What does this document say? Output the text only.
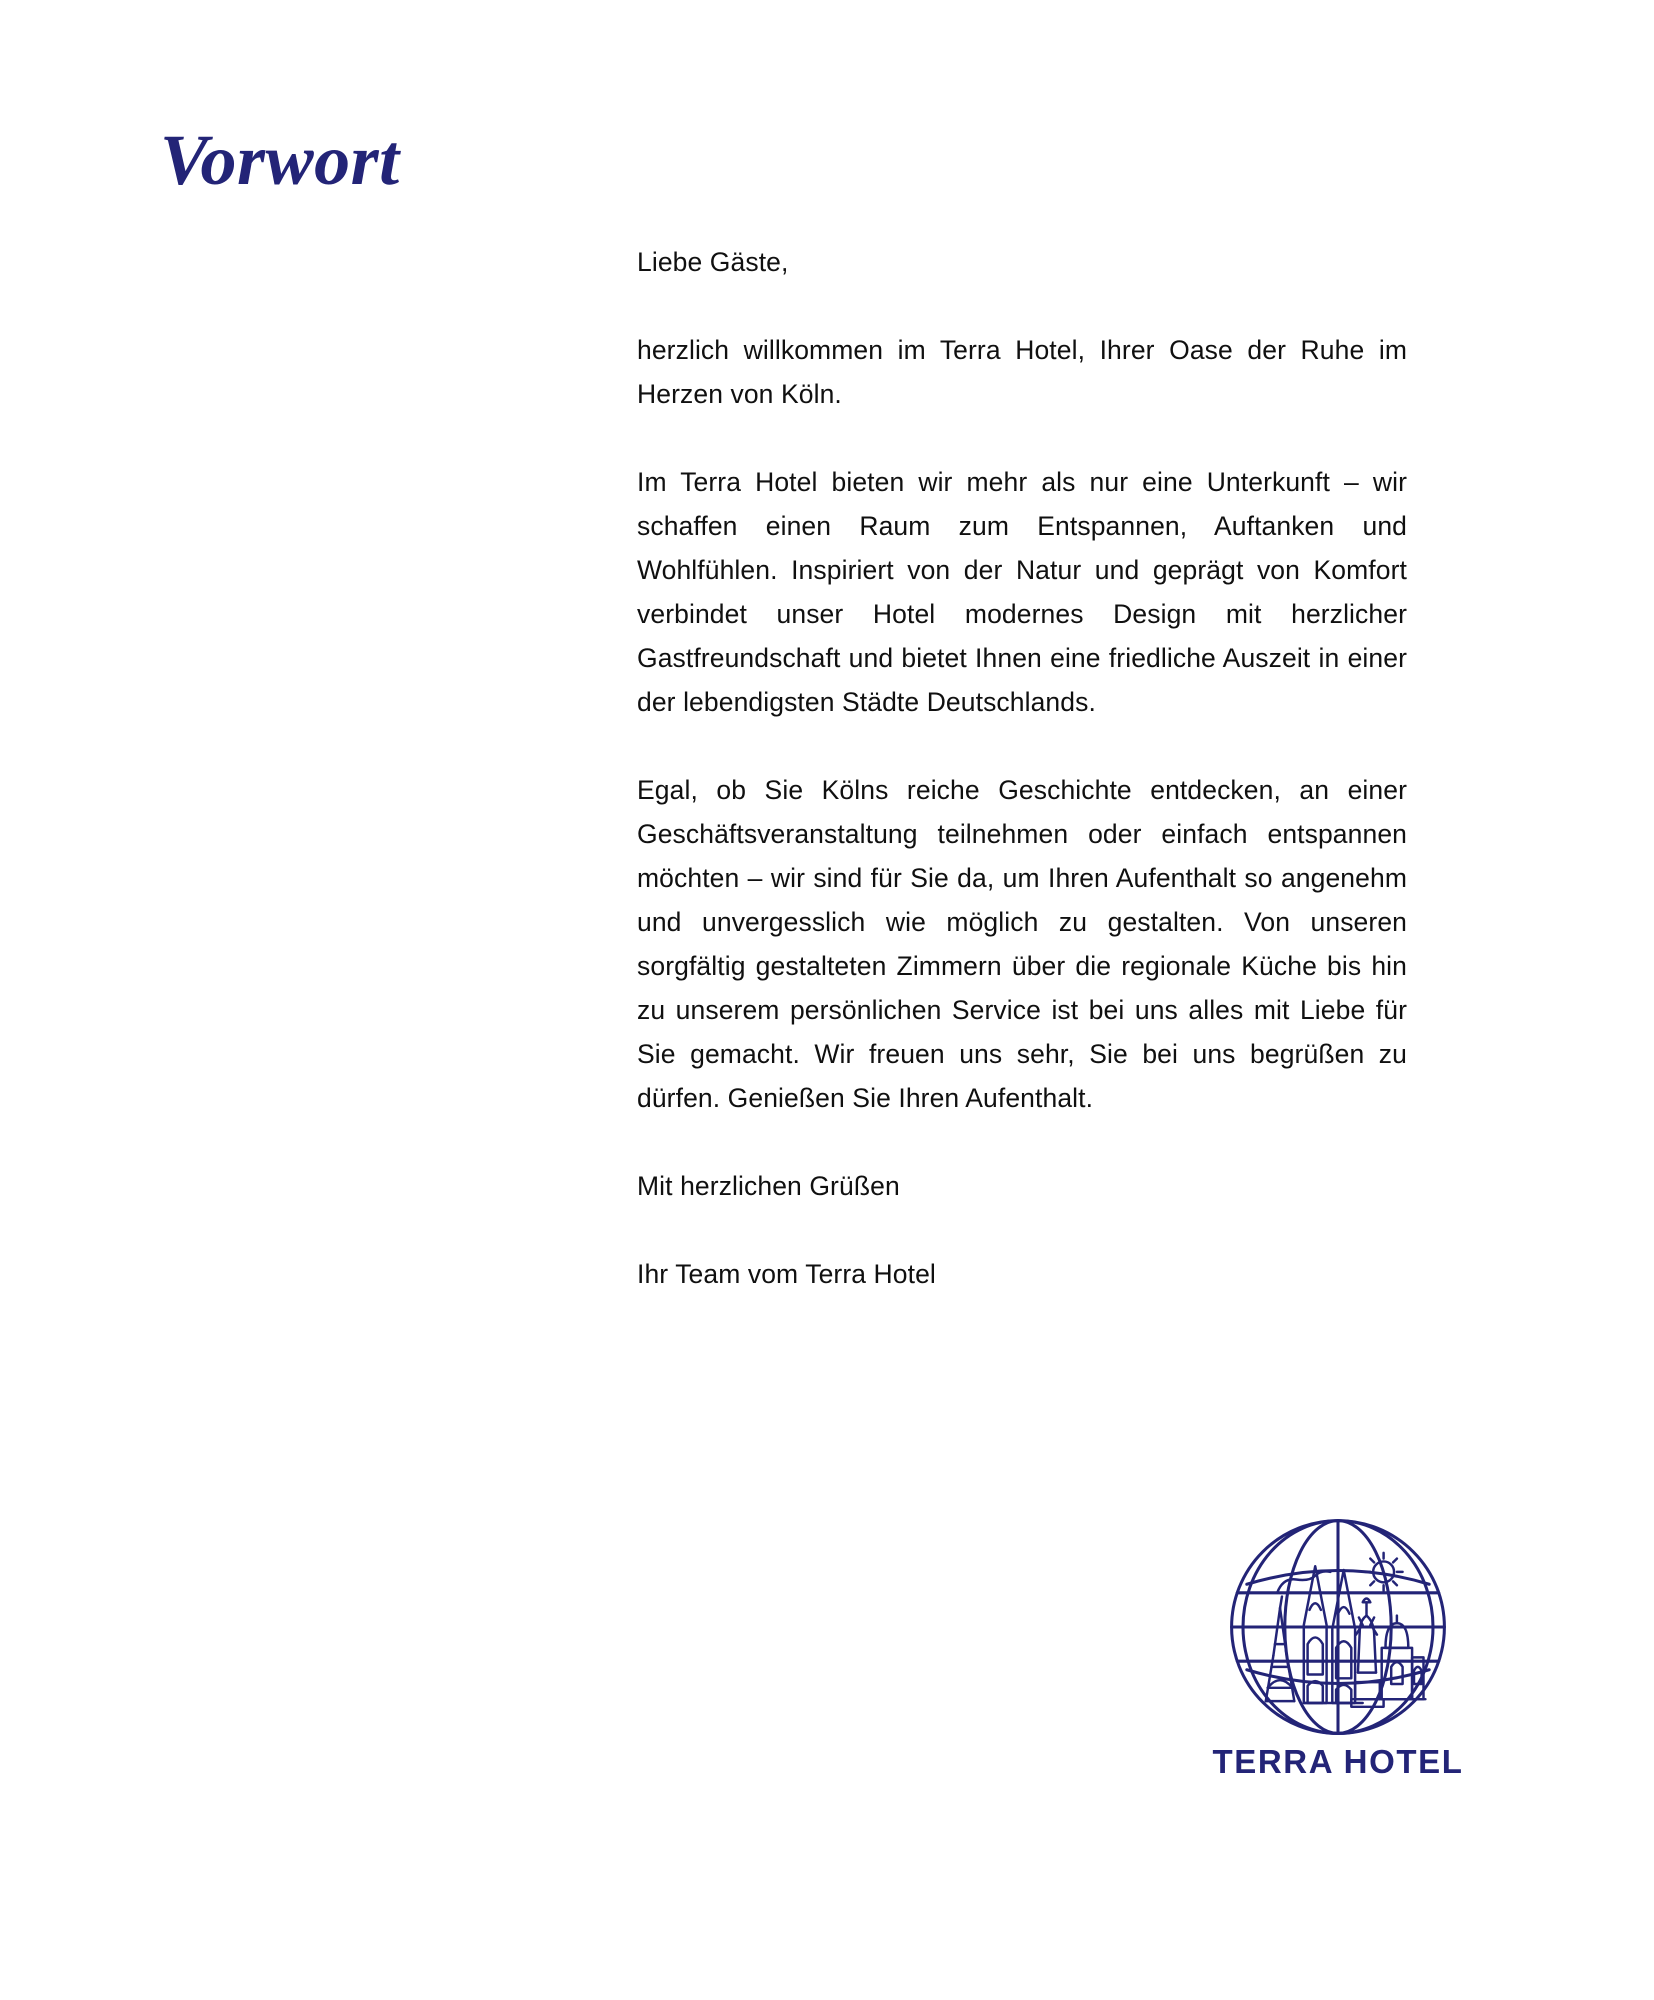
Vorwort

Liebe Gäste,

herzlich willkommen im Terra Hotel, Ihrer Oase der Ruhe im Herzen von Köln.

Im Terra Hotel bieten wir mehr als nur eine Unterkunft – wir schaffen einen Raum zum Entspannen, Auftanken und Wohlfühlen. Inspiriert von der Natur und geprägt von Komfort verbindet unser Hotel modernes Design mit herzlicher Gastfreundschaft und bietet Ihnen eine friedliche Auszeit in einer der lebendigsten Städte Deutschlands.

Egal, ob Sie Kölns reiche Geschichte entdecken, an einer Geschäftsveranstaltung teilnehmen oder einfach entspannen möchten – wir sind für Sie da, um Ihren Aufenthalt so angenehm und unvergesslich wie möglich zu gestalten. Von unseren sorgfältig gestalteten Zimmern über die regionale Küche bis hin zu unserem persönlichen Service ist bei uns alles mit Liebe für Sie gemacht. Wir freuen uns sehr, Sie bei uns begrüßen zu dürfen. Genießen Sie Ihren Aufenthalt.

Mit herzlichen Grüßen

Ihr Team vom Terra Hotel

TERRA HOTEL
